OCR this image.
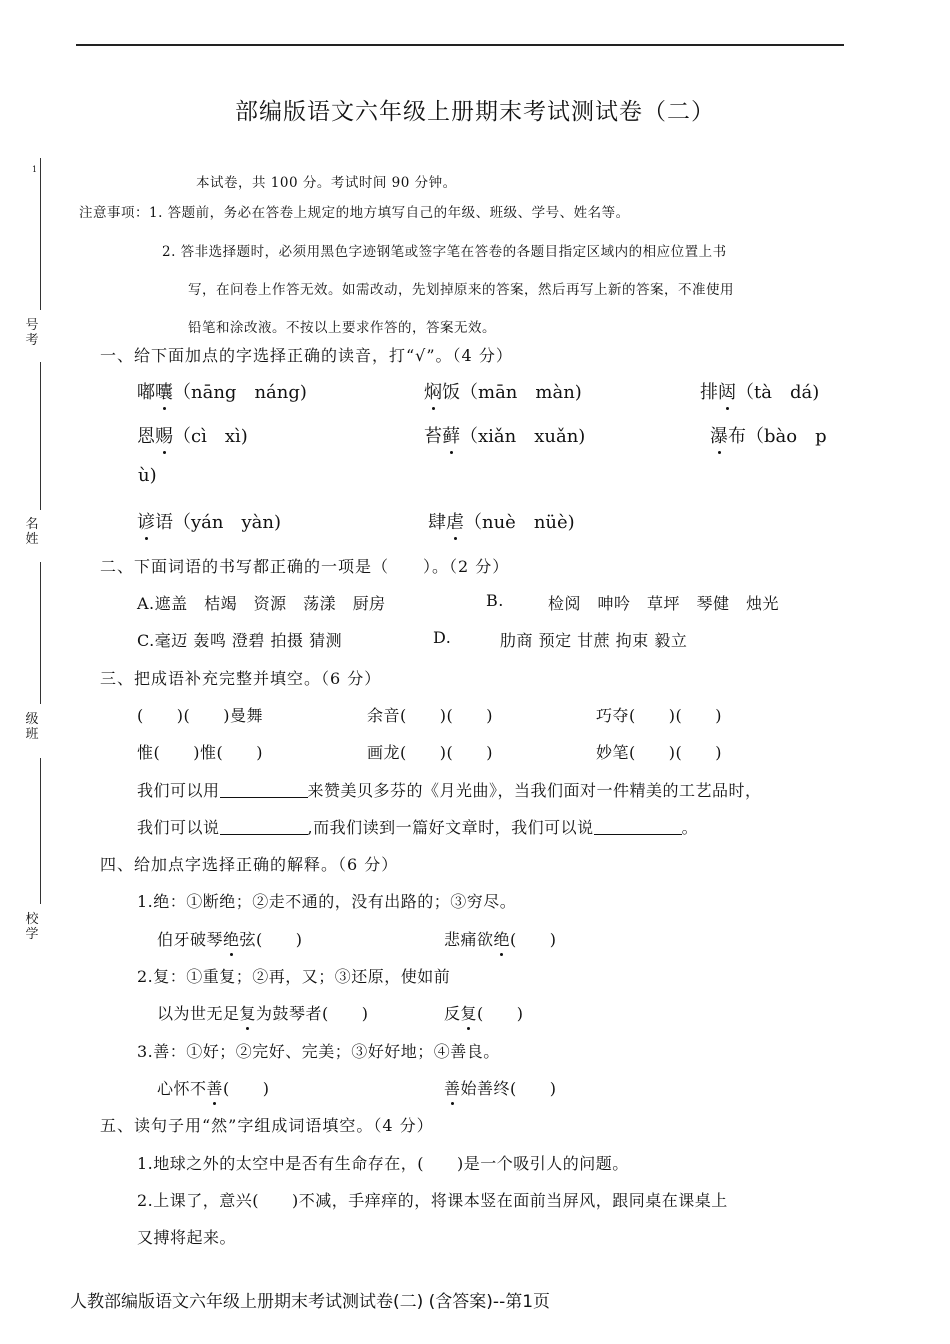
1
号考
名姓
级班
校学
部编版语文六年级上册期末考试测试卷（二）
本试卷，共 100 分。考试时间 90 分钟。
注意事项：1. 答题前，务必在答卷上规定的地方填写自己的年级、班级、学号、姓名等。
2. 答非选择题时，必须用黑色字迹钢笔或签字笔在答卷的各题目指定区域内的相应位置上书
写，在问卷上作答无效。如需改动，先划掉原来的答案，然后再写上新的答案，不准使用
铅笔和涂改液。不按以上要求作答的，答案无效。
一、给下面加点的字选择正确的读音，打“√”。（4 分）
嘟囔（nāng　náng)	焖饭（mān　màn)	排闼（tà　dá)
恩赐（cì　xì)	苔藓（xiǎn　xuǎn)	瀑布（bào　p
ù)
谚语（yán　yàn)	肆虐（nuè　nüè)
二、下面词语的书写都正确的一项是（　　）。（2 分）
A.遮盖　桔竭　资源　荡漾　厨房	B.	检阅　呻吟　草坪　琴健　烛光
C.毫迈 轰鸣 澄碧 拍摄 猜测	D.	肋商 预定 甘蔗 拘束 毅立
三、把成语补充完整并填空。（6 分）
(　　)(　　)曼舞	余音(　　)(　　)	巧夺(　　)(　　)
惟(　　)惟(　　)	画龙(　　)(　　)	妙笔(　　)(　　)
我们可以用	来赞美贝多芬的《月光曲》，当我们面对一件精美的工艺品时，
我们可以说	,而我们读到一篇好文章时，我们可以说	。
四、给加点字选择正确的解释。（6 分）
1.绝：①断绝；②走不通的，没有出路的；③穷尽。
伯牙破琴绝弦(　　)	悲痛欲绝(　　)
2.复：①重复；②再，又；③还原，使如前
以为世无足复为鼓琴者(　　)	反复(　　)
3.善：①好；②完好、完美；③好好地；④善良。
心怀不善(　　)	善始善终(　　)
五、读句子用“然”字组成词语填空。（4 分）
1.地球之外的太空中是否有生命存在，(　　)是一个吸引人的问题。
2.上课了，意兴(　　)不减，手痒痒的，将课本竖在面前当屏风，跟同桌在课桌上
又搏将起来。
人教部编版语文六年级上册期末考试测试卷(二) (含答案)--第1页
